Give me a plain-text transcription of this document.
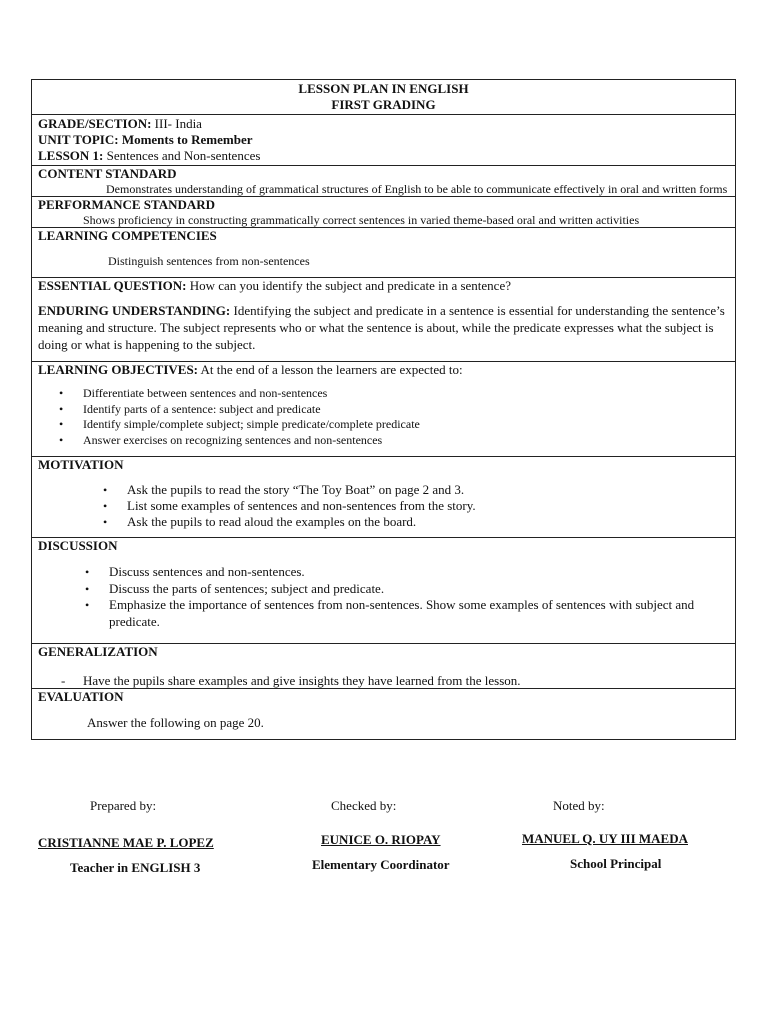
LESSON PLAN IN ENGLISH
FIRST GRADING
GRADE/SECTION: III- India
UNIT TOPIC: Moments to Remember
LESSON 1: Sentences and Non-sentences
CONTENT STANDARD
Demonstrates understanding of grammatical structures of English to be able to communicate effectively in oral and written forms
PERFORMANCE STANDARD
Shows proficiency in constructing grammatically correct sentences in varied theme-based oral and written activities
LEARNING COMPETENCIES
Distinguish sentences from non-sentences
ESSENTIAL QUESTION: How can you identify the subject and predicate in a sentence?
ENDURING UNDERSTANDING: Identifying the subject and predicate in a sentence is essential for understanding the sentence’s meaning and structure. The subject represents who or what the sentence is about, while the predicate expresses what the subject is doing or what is happening to the subject.
LEARNING OBJECTIVES: At the end of a lesson the learners are expected to:
• Differentiate between sentences and non-sentences
• Identify parts of a sentence: subject and predicate
• Identify simple/complete subject; simple predicate/complete predicate
• Answer exercises on recognizing sentences and non-sentences
MOTIVATION
• Ask the pupils to read the story “The Toy Boat” on page 2 and 3.
• List some examples of sentences and non-sentences from the story.
• Ask the pupils to read aloud the examples on the board.
DISCUSSION
• Discuss sentences and non-sentences.
• Discuss the parts of sentences; subject and predicate.
• Emphasize the importance of sentences from non-sentences. Show some examples of sentences with subject and predicate.
GENERALIZATION
- Have the pupils share examples and give insights they have learned from the lesson.
EVALUATION
Answer the following on page 20.
Prepared by:	Checked by:	Noted by:
CRISTIANNE MAE P. LOPEZ	EUNICE O. RIOPAY	MANUEL Q. UY III MAEDA
Teacher in ENGLISH 3	Elementary Coordinator	School Principal
